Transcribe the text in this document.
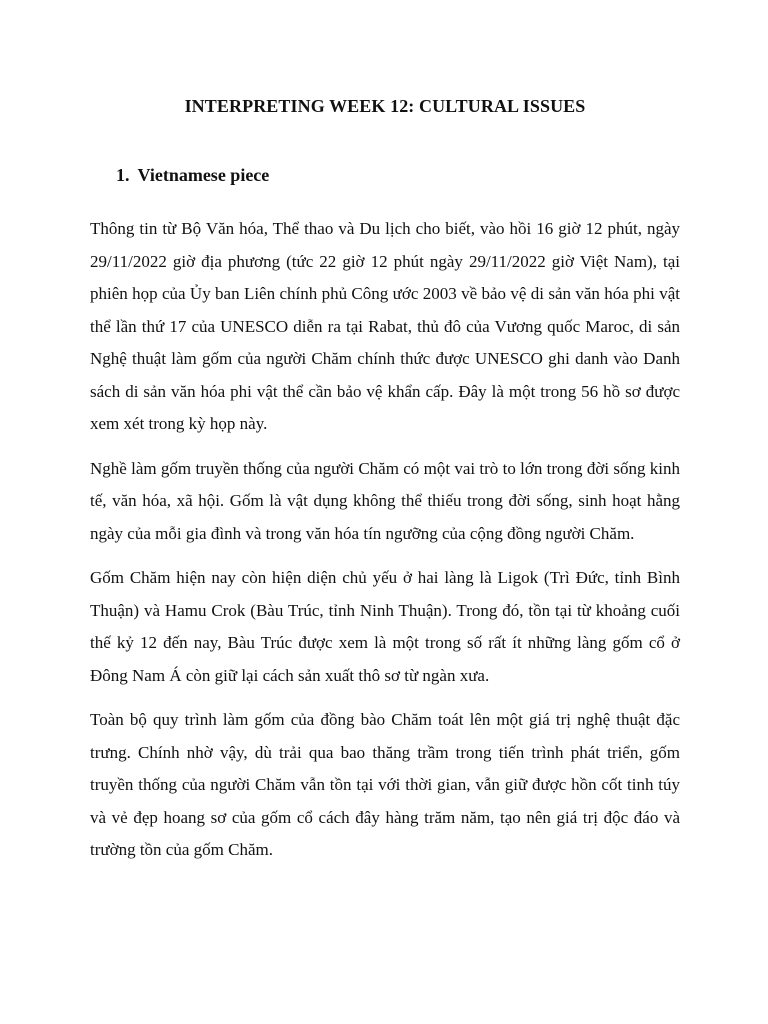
INTERPRETING WEEK 12: CULTURAL ISSUES
1. Vietnamese piece

Thông tin từ Bộ Văn hóa, Thể thao và Du lịch cho biết, vào hồi 16 giờ 12 phút, ngày 29/11/2022 giờ địa phương (tức 22 giờ 12 phút ngày 29/11/2022 giờ Việt Nam), tại phiên họp của Ủy ban Liên chính phủ Công ước 2003 về bảo vệ di sản văn hóa phi vật thể lần thứ 17 của UNESCO diễn ra tại Rabat, thủ đô của Vương quốc Maroc, di sản Nghệ thuật làm gốm của người Chăm chính thức được UNESCO ghi danh vào Danh sách di sản văn hóa phi vật thể cần bảo vệ khẩn cấp. Đây là một trong 56 hồ sơ được xem xét trong kỳ họp này.

Nghề làm gốm truyền thống của người Chăm có một vai trò to lớn trong đời sống kinh tế, văn hóa, xã hội. Gốm là vật dụng không thể thiếu trong đời sống, sinh hoạt hằng ngày của mỗi gia đình và trong văn hóa tín ngưỡng của cộng đồng người Chăm.

Gốm Chăm hiện nay còn hiện diện chủ yếu ở hai làng là Ligok (Trì Đức, tỉnh Bình Thuận) và Hamu Crok (Bàu Trúc, tỉnh Ninh Thuận). Trong đó, tồn tại từ khoảng cuối thế kỷ 12 đến nay, Bàu Trúc được xem là một trong số rất ít những làng gốm cổ ở Đông Nam Á còn giữ lại cách sản xuất thô sơ từ ngàn xưa.

Toàn bộ quy trình làm gốm của đồng bào Chăm toát lên một giá trị nghệ thuật đặc trưng. Chính nhờ vậy, dù trải qua bao thăng trầm trong tiến trình phát triển, gốm truyền thống của người Chăm vẫn tồn tại với thời gian, vẫn giữ được hồn cốt tinh túy và vẻ đẹp hoang sơ của gốm cổ cách đây hàng trăm năm, tạo nên giá trị độc đáo và trường tồn của gốm Chăm.
